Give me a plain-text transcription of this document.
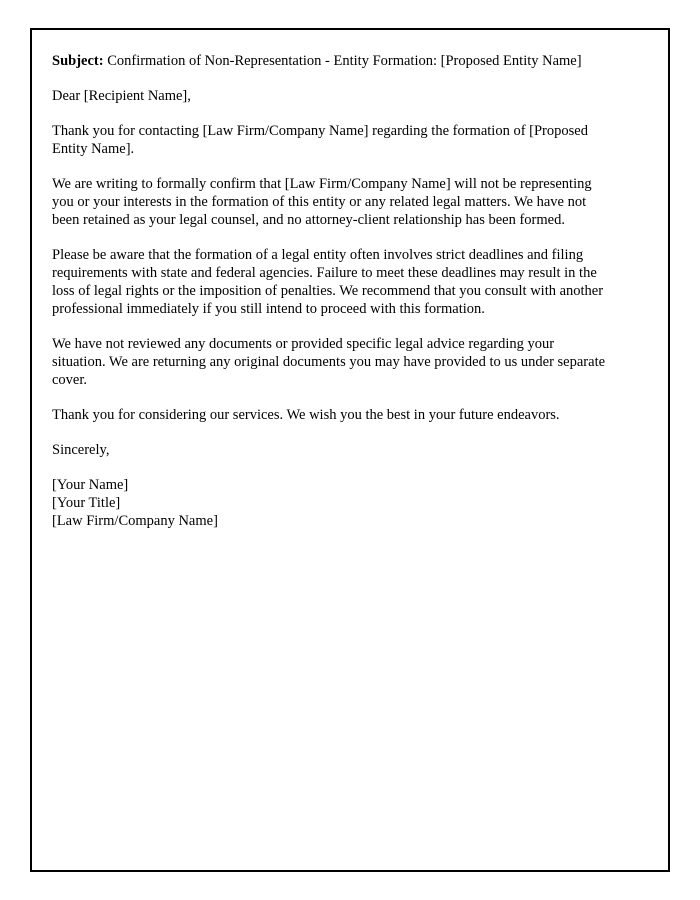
Subject: Confirmation of Non-Representation - Entity Formation: [Proposed Entity Name]

Dear [Recipient Name],

Thank you for contacting [Law Firm/Company Name] regarding the formation of [Proposed Entity Name].

We are writing to formally confirm that [Law Firm/Company Name] will not be representing you or your interests in the formation of this entity or any related legal matters. We have not been retained as your legal counsel, and no attorney-client relationship has been formed.

Please be aware that the formation of a legal entity often involves strict deadlines and filing requirements with state and federal agencies. Failure to meet these deadlines may result in the loss of legal rights or the imposition of penalties. We recommend that you consult with another professional immediately if you still intend to proceed with this formation.

We have not reviewed any documents or provided specific legal advice regarding your situation. We are returning any original documents you may have provided to us under separate cover.

Thank you for considering our services. We wish you the best in your future endeavors.

Sincerely,

[Your Name]
[Your Title]
[Law Firm/Company Name]
